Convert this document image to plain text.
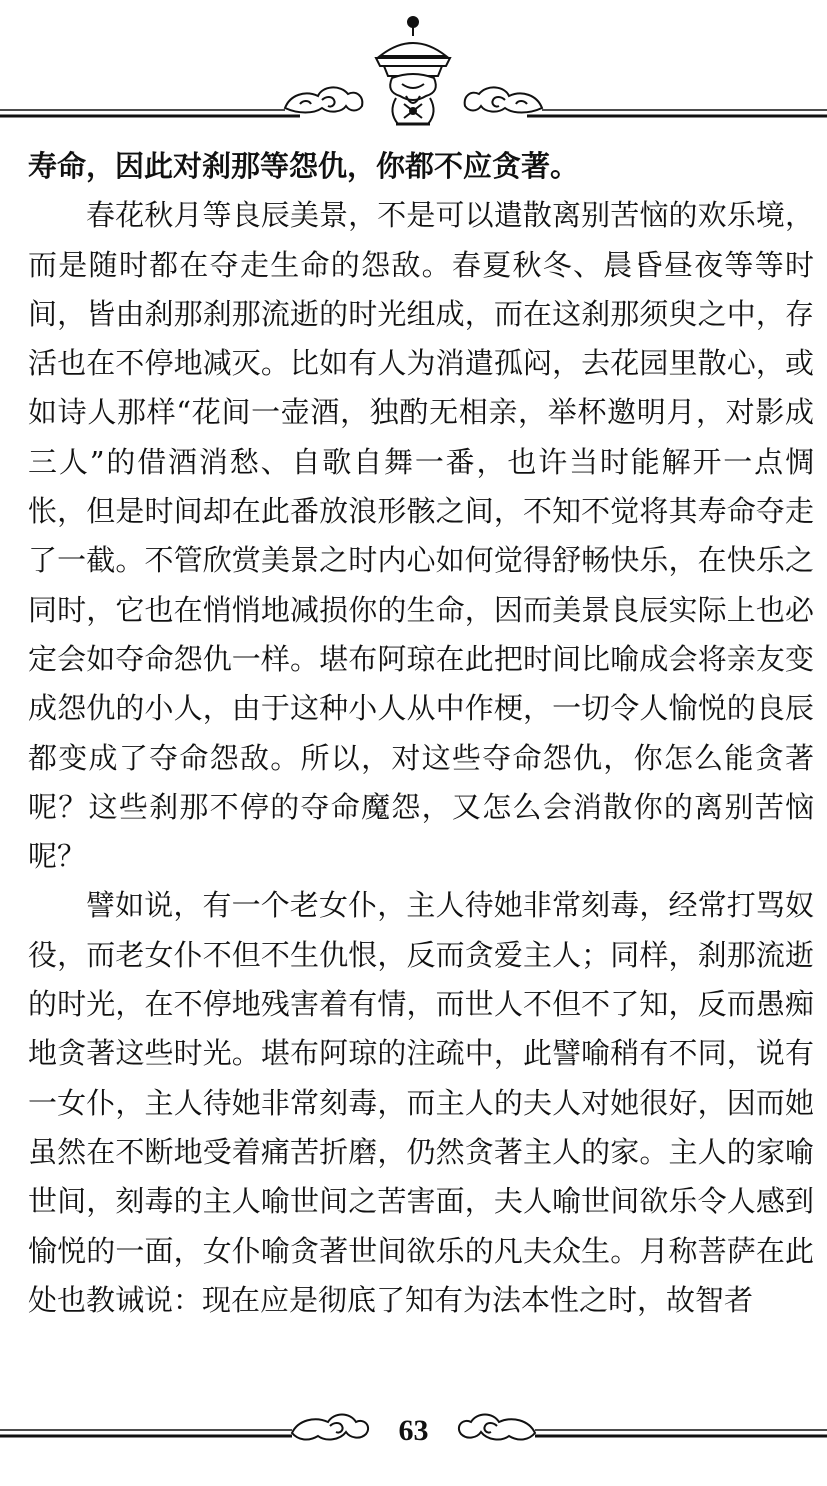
寿命，因此对刹那等怨仇，你都不应贪著。

春花秋月等良辰美景，不是可以遣散离别苦恼的欢乐境，而是随时都在夺走生命的怨敌。春夏秋冬、晨昏昼夜等等时间，皆由刹那刹那流逝的时光组成，而在这刹那须臾之中，存活也在不停地减灭。比如有人为消遣孤闷，去花园里散心，或如诗人那样“花间一壶酒，独酌无相亲，举杯邀明月，对影成三人”的借酒消愁、自歌自舞一番，也许当时能解开一点惆怅，但是时间却在此番放浪形骸之间，不知不觉将其寿命夺走了一截。不管欣赏美景之时内心如何觉得舒畅快乐，在快乐之同时，它也在悄悄地减损你的生命，因而美景良辰实际上也必定会如夺命怨仇一样。堪布阿琼在此把时间比喻成会将亲友变成怨仇的小人，由于这种小人从中作梗，一切令人愉悦的良辰都变成了夺命怨敌。所以，对这些夺命怨仇，你怎么能贪著呢？这些刹那不停的夺命魔怨，又怎么会消散你的离别苦恼呢？

譬如说，有一个老女仆，主人待她非常刻毒，经常打骂奴役，而老女仆不但不生仇恨，反而贪爱主人；同样，刹那流逝的时光，在不停地残害着有情，而世人不但不了知，反而愚痴地贪著这些时光。堪布阿琼的注疏中，此譬喻稍有不同，说有一女仆，主人待她非常刻毒，而主人的夫人对她很好，因而她虽然在不断地受着痛苦折磨，仍然贪著主人的家。主人的家喻世间，刻毒的主人喻世间之苦害面，夫人喻世间欲乐令人感到愉悦的一面，女仆喻贪著世间欲乐的凡夫众生。月称菩萨在此处也教诫说：现在应是彻底了知有为法本性之时，故智者

63
